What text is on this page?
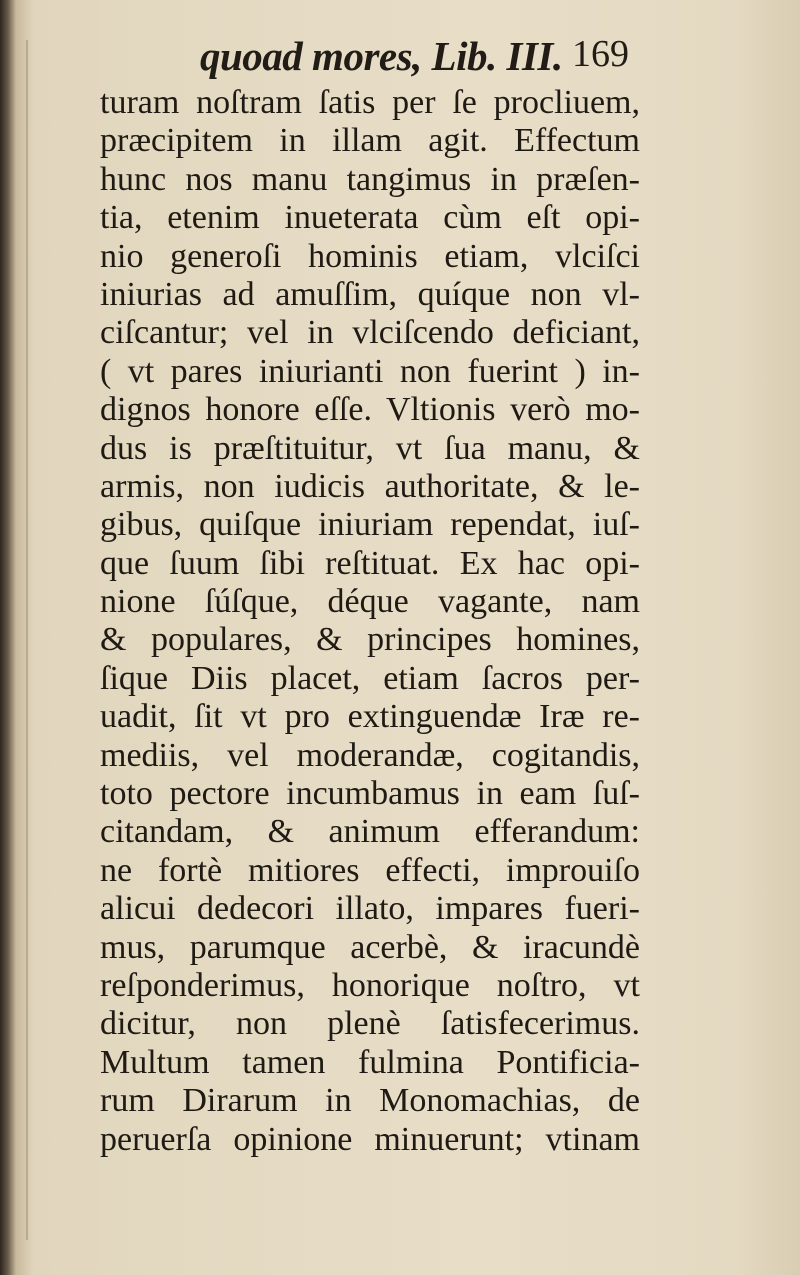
quoad mores, Lib. III. 169
turam noſtram ſatis per ſe procliuem,
præcipitem in illam agit. Effectum
hunc nos manu tangimus in præſen-
tia, etenim inueterata cùm eſt opi-
nio generoſi hominis etiam, vlciſci
iniurias ad amuſſim, quíque non vl-
ciſcantur; vel in vlciſcendo deficiant,
( vt pares iniurianti non fuerint ) in-
dignos honore eſſe. Vltionis verò mo-
dus is præſtituitur, vt ſua manu, &
armis, non iudicis authoritate, & le-
gibus, quiſque iniuriam rependat, iuſ-
que ſuum ſibi reſtituat. Ex hac opi-
nione ſúſque, déque vagante, nam
& populares, & principes homines,
ſique Diis placet, etiam ſacros per-
uadit, ſit vt pro extinguendæ Iræ re-
mediis, vel moderandæ, cogitandis,
toto pectore incumbamus in eam ſuſ-
citandam, & animum efferandum:
ne fortè mitiores effecti, improuiſo
alicui dedecori illato, impares fueri-
mus, parumque acerbè, & iracundè
reſponderimus, honorique noſtro, vt
dicitur, non plenè ſatisfecerimus.
Multum tamen fulmina Pontificia-
rum Dirarum in Monomachias, de
peruerſa opinione minuerunt; vtinam
